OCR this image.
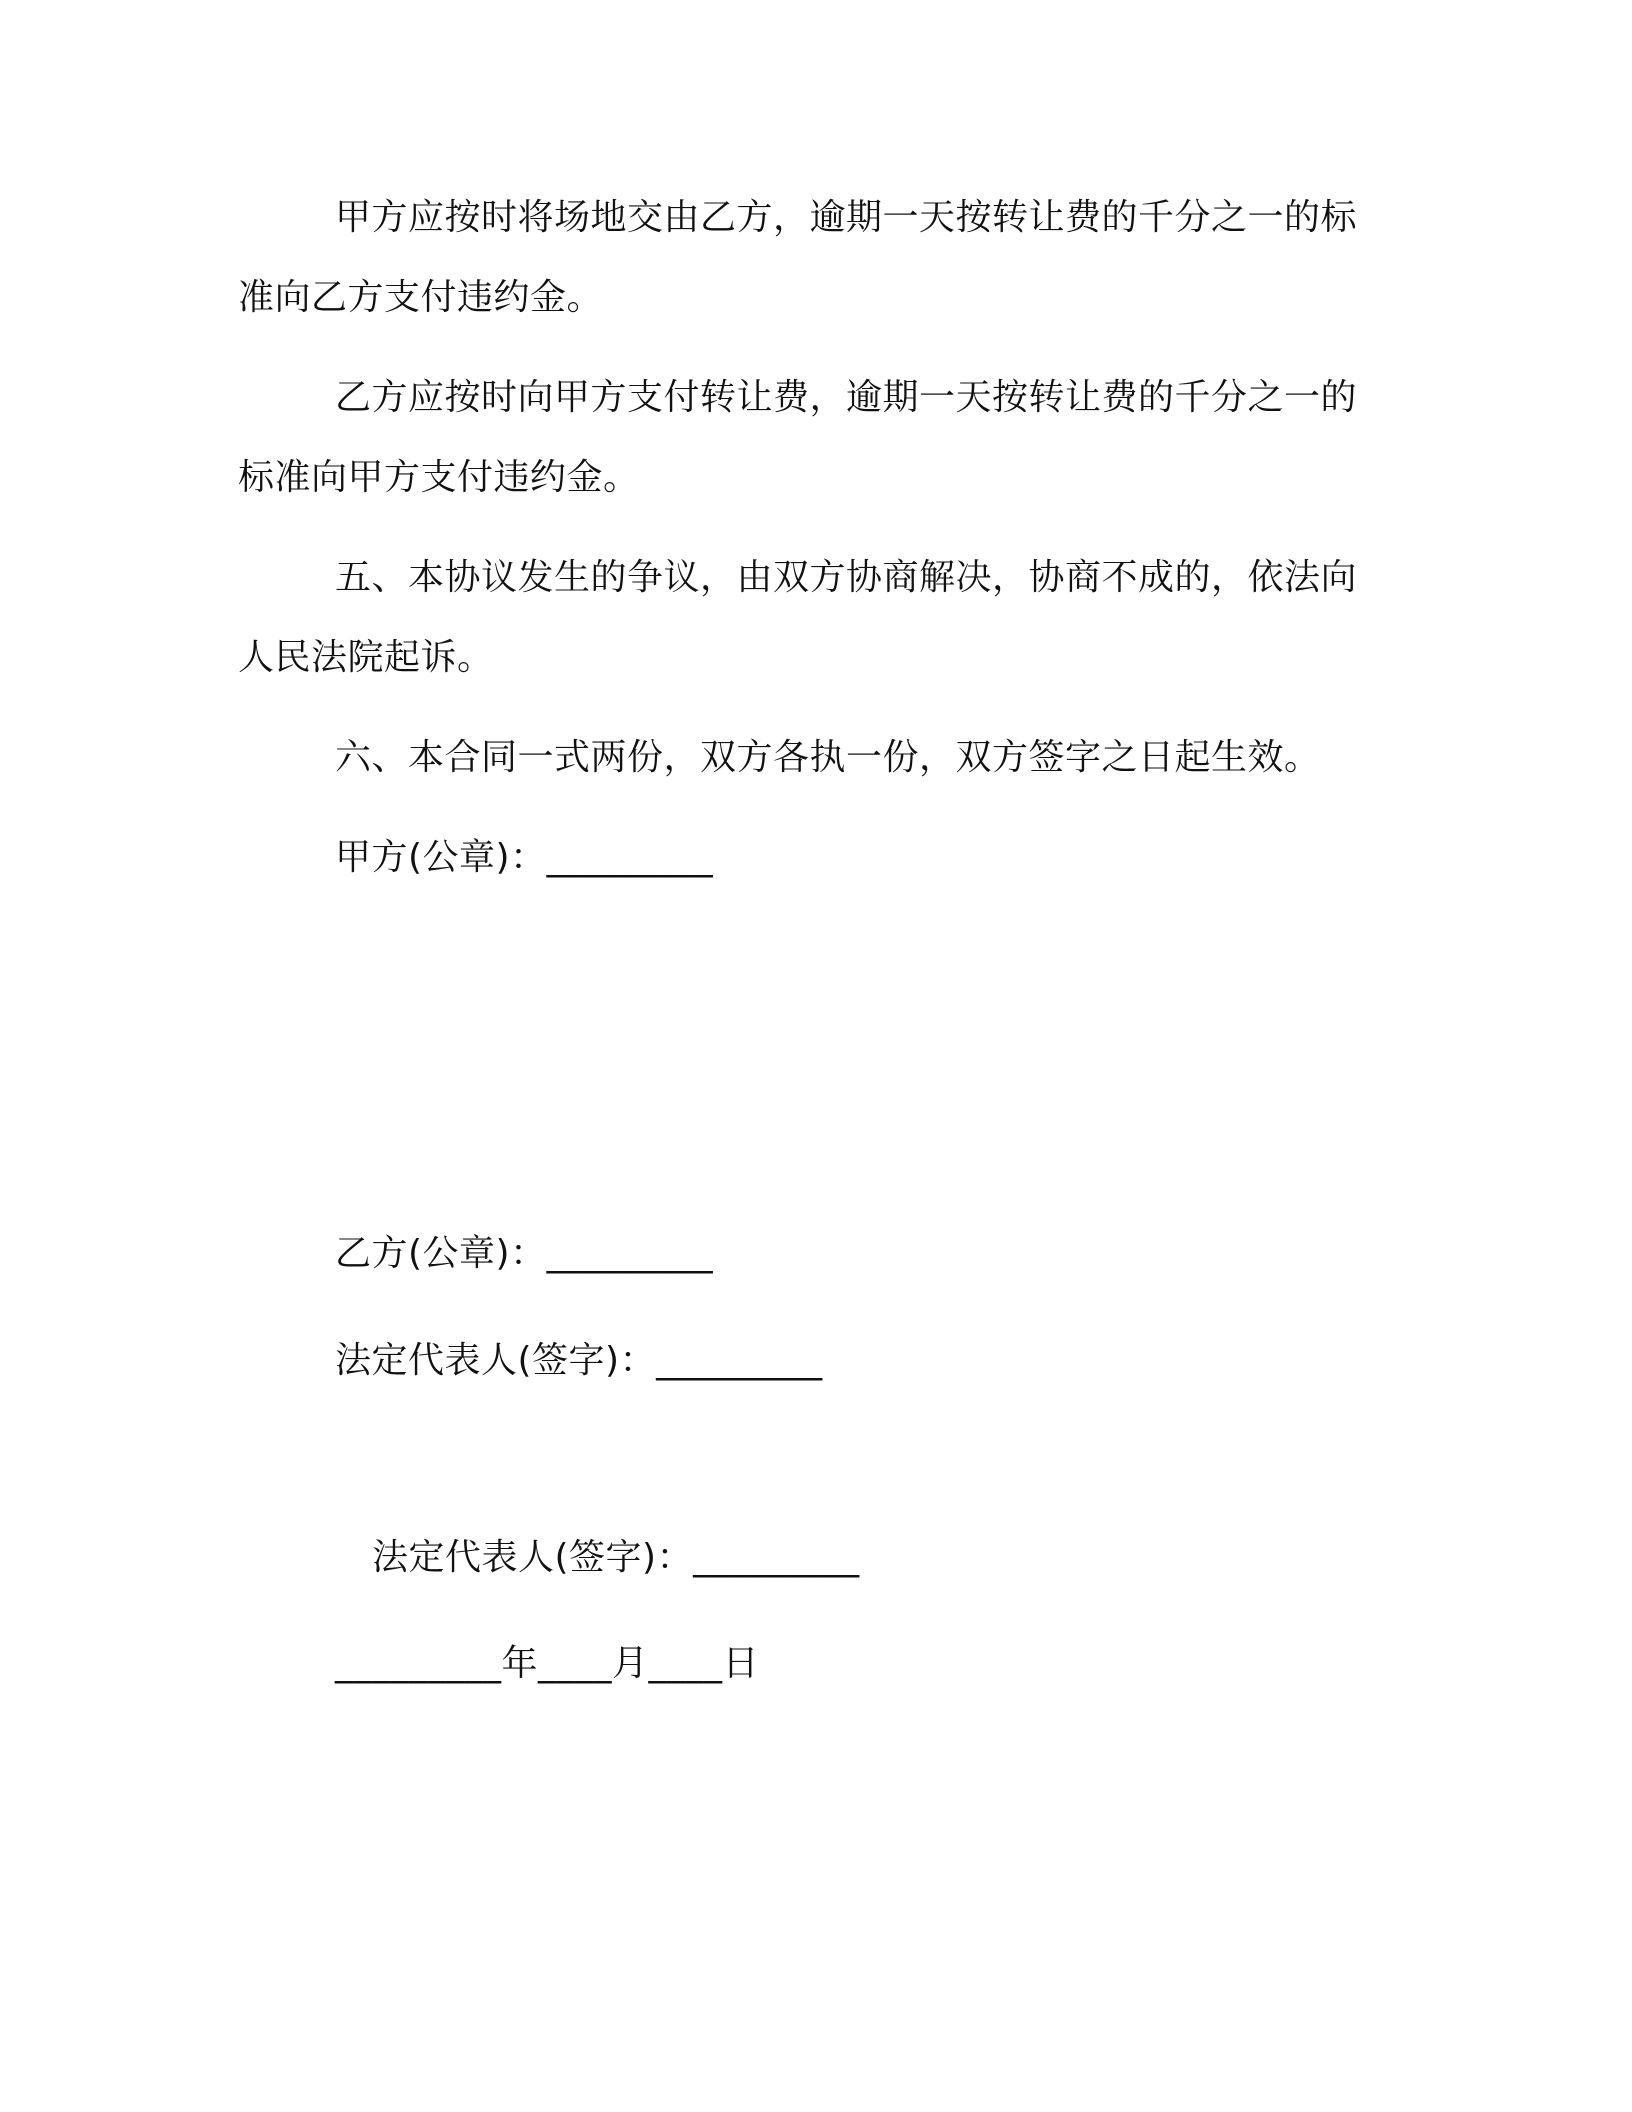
甲方应按时将场地交由乙方，逾期一天按转让费的千分之一的标
准向乙方支付违约金。
乙方应按时向甲方支付转让费，逾期一天按转让费的千分之一的
标准向甲方支付违约金。
五、本协议发生的争议，由双方协商解决，协商不成的，依法向
人民法院起诉。
六、本合同一式两份，双方各执一份，双方签字之日起生效。
甲方(公章)：_________
乙方(公章)：_________
法定代表人(签字)：_________
法定代表人(签字)：_________
_________年____月____日
